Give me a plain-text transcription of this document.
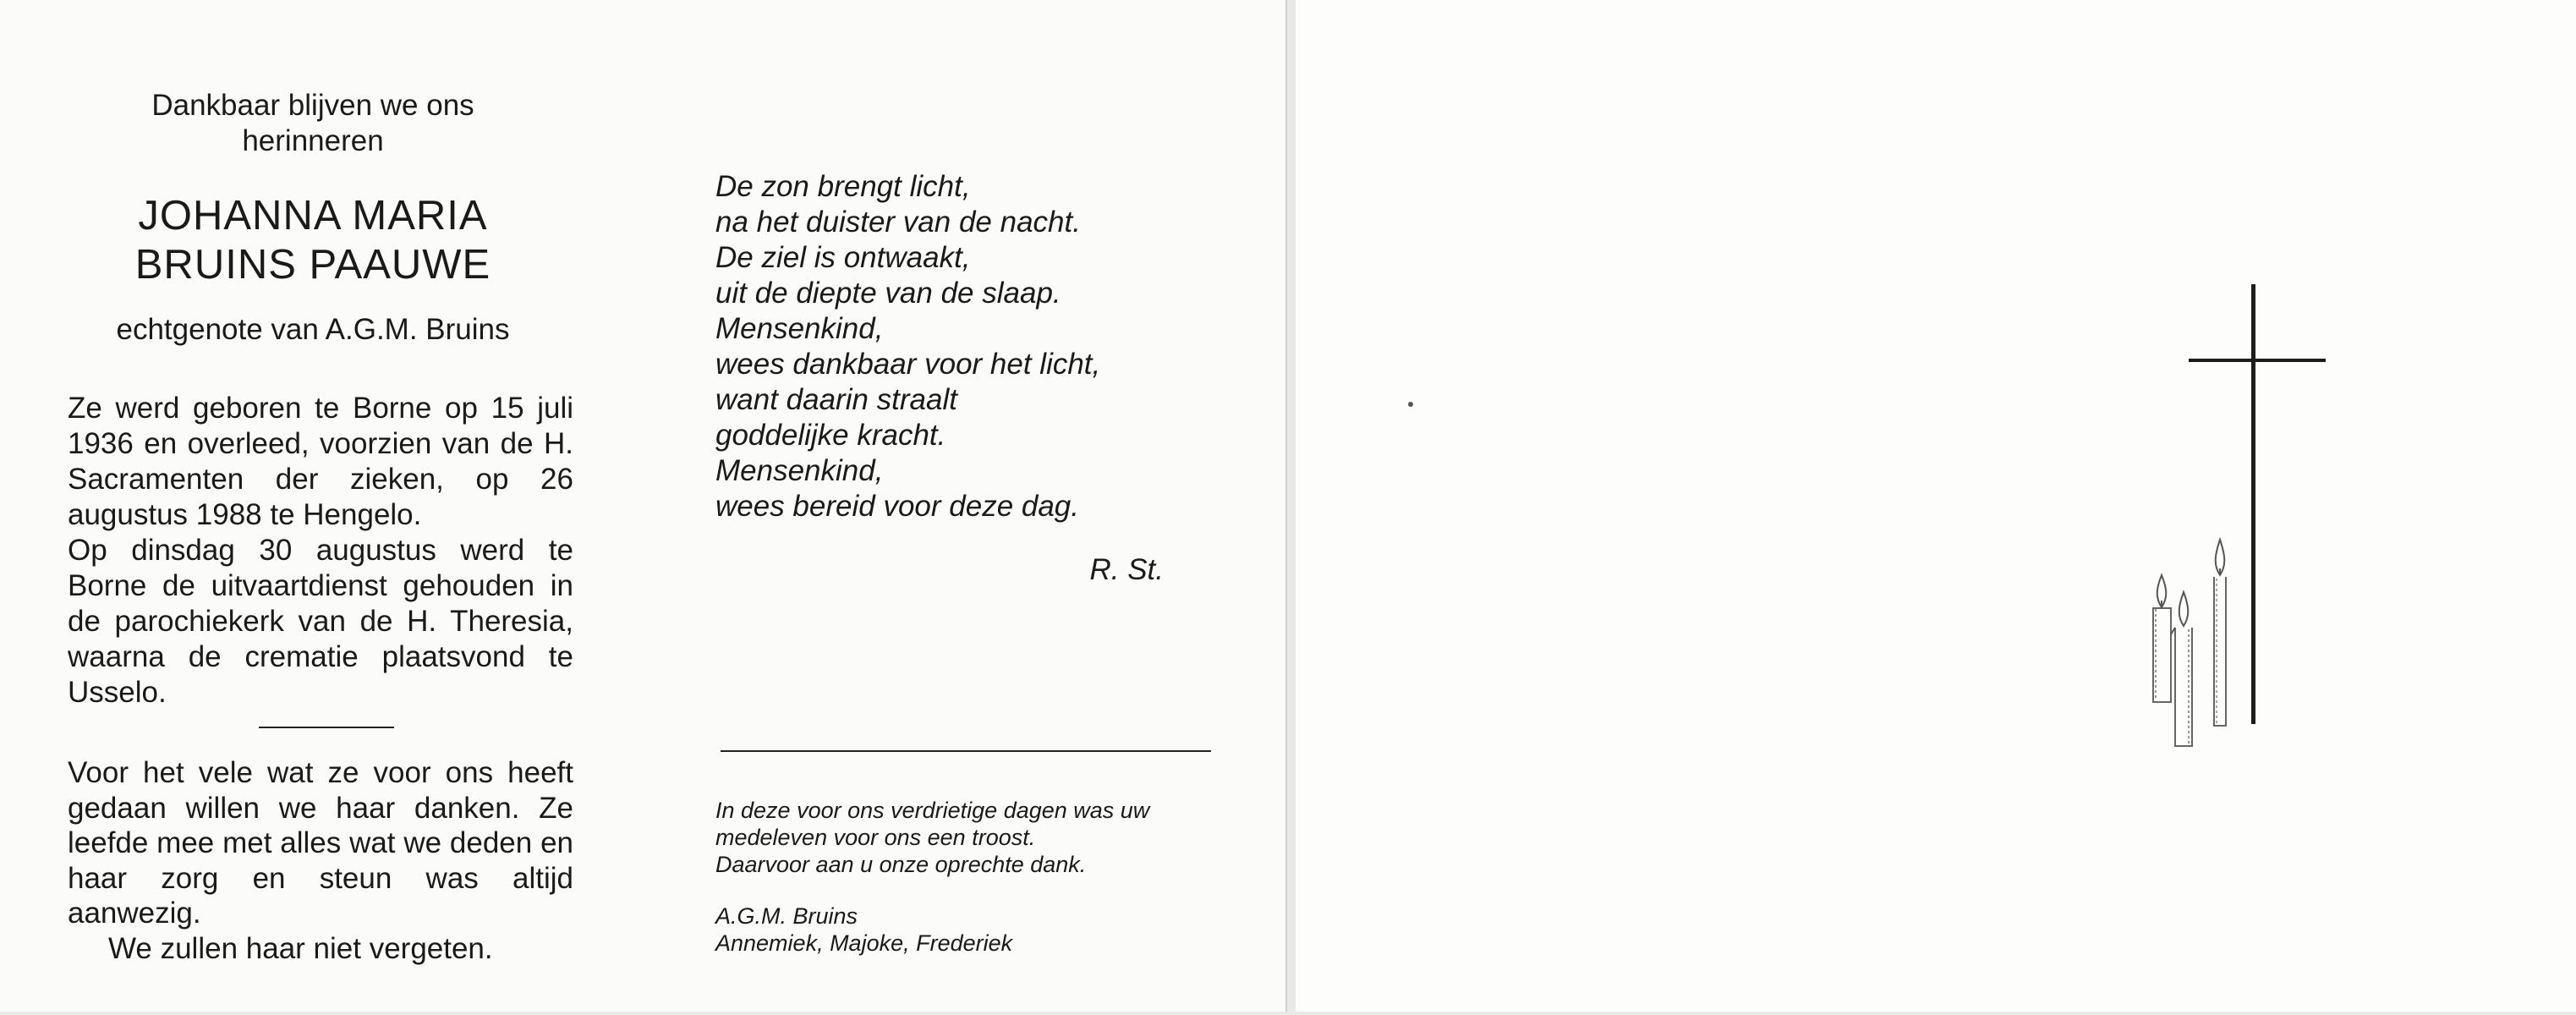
Dankbaar blijven we ons
herinneren
JOHANNA MARIA
BRUINS PAAUWE
echtgenote van A.G.M. Bruins

Ze werd geboren te Borne op 15 juli 1936 en overleed, voorzien van de H. Sacramenten der zieken, op 26 augustus 1988 te Hengelo.

Op dinsdag 30 augustus werd te Borne de uitvaartdienst gehouden in de parochiekerk van de H. Theresia, waarna de crematie plaatsvond te Usselo.

Voor het vele wat ze voor ons heeft gedaan willen we haar danken. Ze leefde mee met alles wat we deden en haar zorg en steun was altijd aanwezig.

We zullen haar niet vergeten.

De zon brengt licht,
na het duister van de nacht.
De ziel is ontwaakt,
uit de diepte van de slaap.
Mensenkind,
wees dankbaar voor het licht,
want daarin straalt
goddelijke kracht.
Mensenkind,
wees bereid voor deze dag.
R. St.
In deze voor ons verdrietige dagen was uw
medeleven voor ons een troost.
Daarvoor aan u onze oprechte dank.
A.G.M. Bruins
Annemiek, Majoke, Frederiek
